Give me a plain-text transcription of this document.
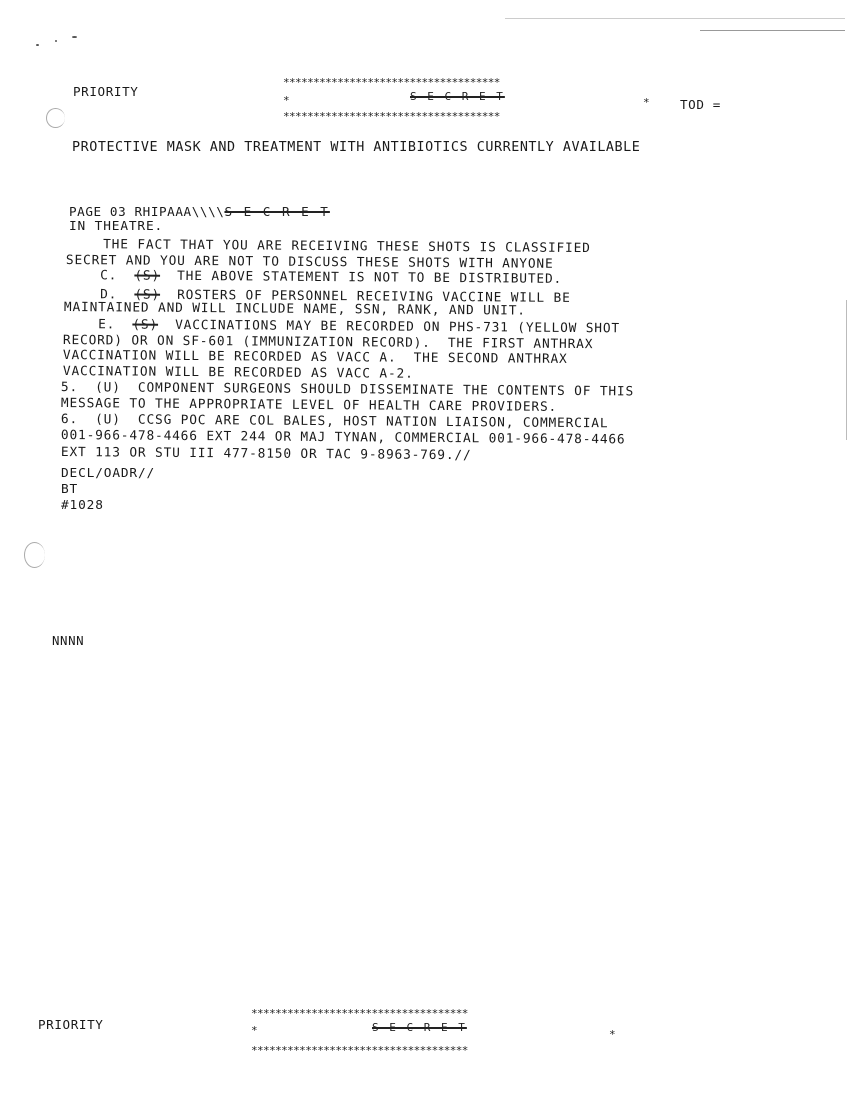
PRIORITY
************************************
*	S E C R E T	*
************************************
TOD =
PROTECTIVE MASK AND TREATMENT WITH ANTIBIOTICS CURRENTLY AVAILABLE
PAGE 03 RHIPAAA\\\\S E C R E T
IN THEATRE.
THE FACT THAT YOU ARE RECEIVING THESE SHOTS IS CLASSIFIED
SECRET AND YOU ARE NOT TO DISCUSS THESE SHOTS WITH ANYONE
C.  (S)  THE ABOVE STATEMENT IS NOT TO BE DISTRIBUTED.
D.  (S)  ROSTERS OF PERSONNEL RECEIVING VACCINE WILL BE
MAINTAINED AND WILL INCLUDE NAME, SSN, RANK, AND UNIT.
E.  (S)  VACCINATIONS MAY BE RECORDED ON PHS-731 (YELLOW SHOT
RECORD) OR ON SF-601 (IMMUNIZATION RECORD).  THE FIRST ANTHRAX
VACCINATION WILL BE RECORDED AS VACC A.  THE SECOND ANTHRAX
VACCINATION WILL BE RECORDED AS VACC A-2.
5.  (U)  COMPONENT SURGEONS SHOULD DISSEMINATE THE CONTENTS OF THIS
MESSAGE TO THE APPROPRIATE LEVEL OF HEALTH CARE PROVIDERS.
6.  (U)  CCSG POC ARE COL BALES, HOST NATION LIAISON, COMMERCIAL
001-966-478-4466 EXT 244 OR MAJ TYNAN, COMMERCIAL 001-966-478-4466
EXT 113 OR STU III 477-8150 OR TAC 9-8963-769.//
DECL/OADR//
BT
#1028
NNNN
PRIORITY
************************************
*	S E C R E T
*
************************************
